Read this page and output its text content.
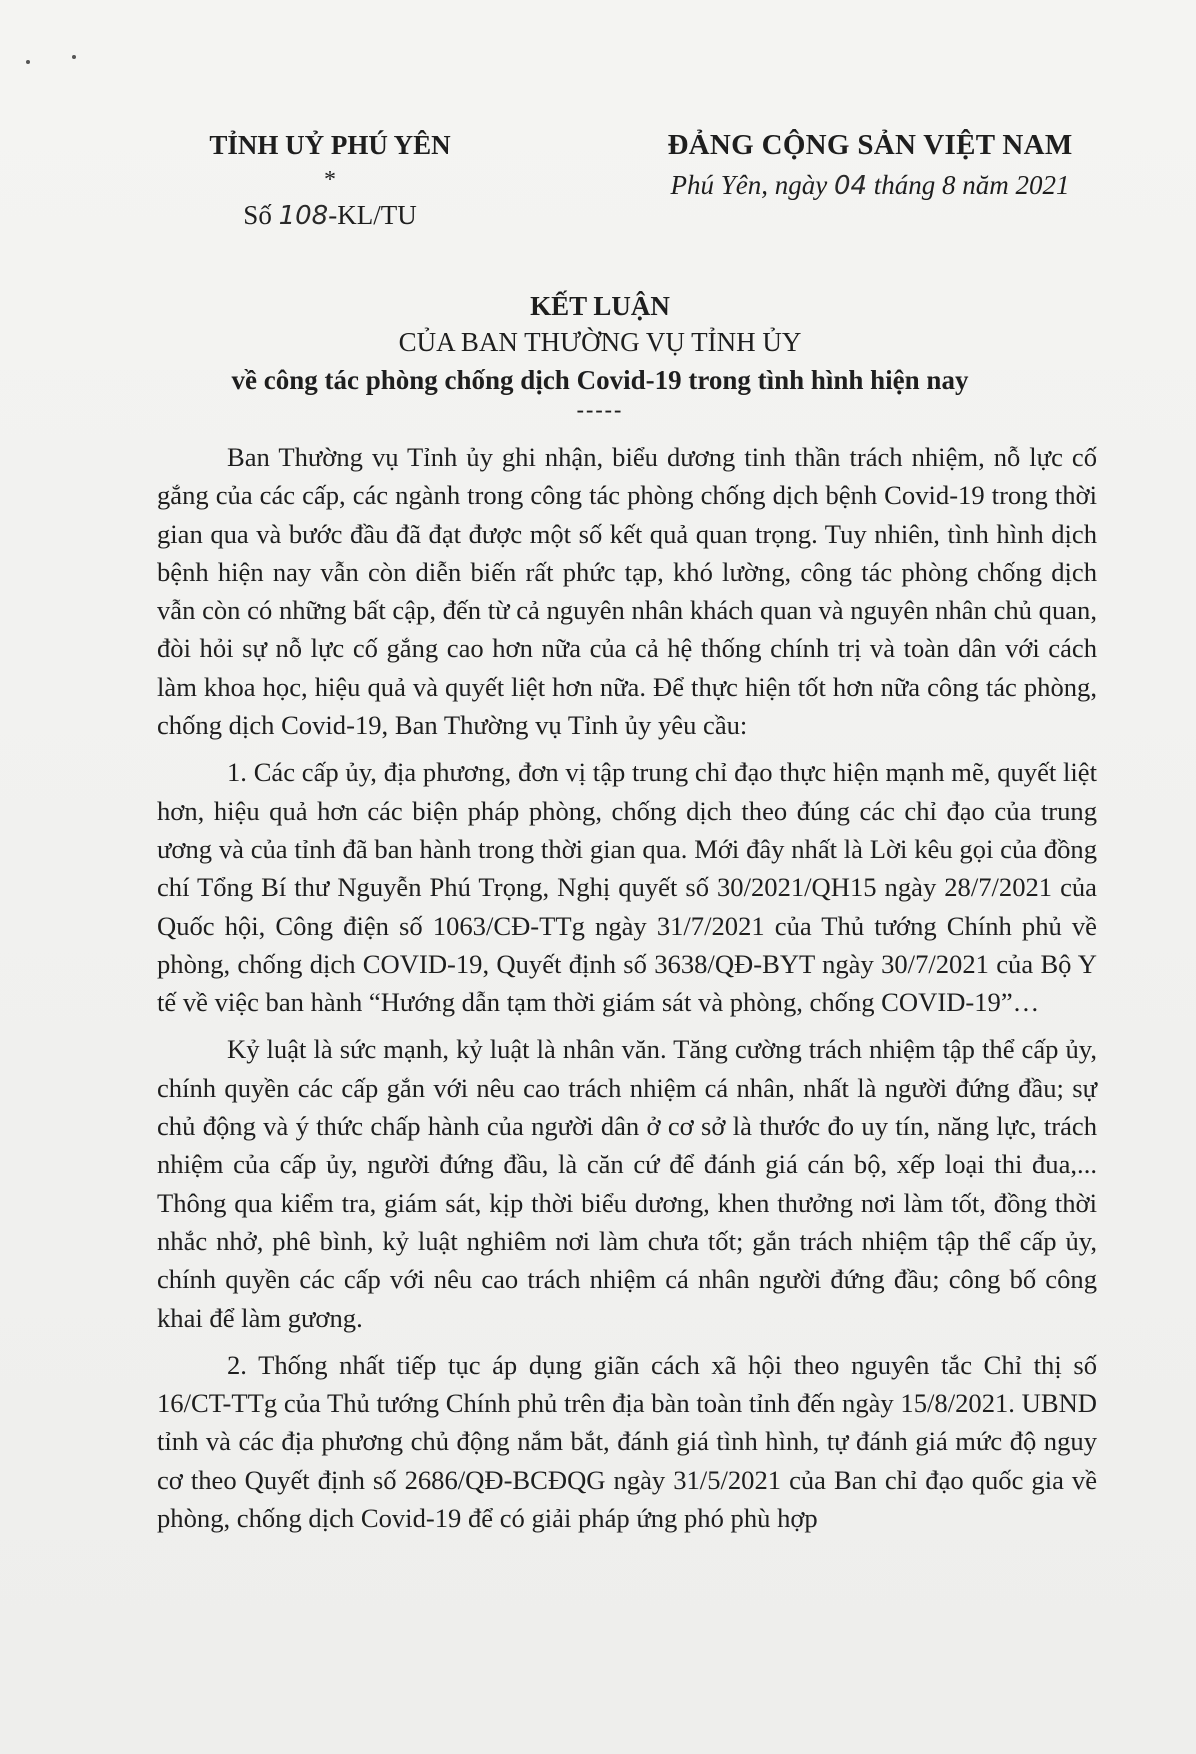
TỈNH UỶ PHÚ YÊN
*
Số 108-KL/TU
ĐẢNG CỘNG SẢN VIỆT NAM
Phú Yên, ngày 04 tháng 8 năm 2021
KẾT LUẬN
CỦA BAN THƯỜNG VỤ TỈNH ỦY
về công tác phòng chống dịch Covid-19 trong tình hình hiện nay
-----

Ban Thường vụ Tỉnh ủy ghi nhận, biểu dương tinh thần trách nhiệm, nỗ lực cố gắng của các cấp, các ngành trong công tác phòng chống dịch bệnh Covid-19 trong thời gian qua và bước đầu đã đạt được một số kết quả quan trọng. Tuy nhiên, tình hình dịch bệnh hiện nay vẫn còn diễn biến rất phức tạp, khó lường, công tác phòng chống dịch vẫn còn có những bất cập, đến từ cả nguyên nhân khách quan và nguyên nhân chủ quan, đòi hỏi sự nỗ lực cố gắng cao hơn nữa của cả hệ thống chính trị và toàn dân với cách làm khoa học, hiệu quả và quyết liệt hơn nữa. Để thực hiện tốt hơn nữa công tác phòng, chống dịch Covid-19, Ban Thường vụ Tỉnh ủy yêu cầu:

1. Các cấp ủy, địa phương, đơn vị tập trung chỉ đạo thực hiện mạnh mẽ, quyết liệt hơn, hiệu quả hơn các biện pháp phòng, chống dịch theo đúng các chỉ đạo của trung ương và của tỉnh đã ban hành trong thời gian qua. Mới đây nhất là Lời kêu gọi của đồng chí Tổng Bí thư Nguyễn Phú Trọng, Nghị quyết số 30/2021/QH15 ngày 28/7/2021 của Quốc hội, Công điện số 1063/CĐ-TTg ngày 31/7/2021 của Thủ tướng Chính phủ về phòng, chống dịch COVID-19, Quyết định số 3638/QĐ-BYT ngày 30/7/2021 của Bộ Y tế về việc ban hành “Hướng dẫn tạm thời giám sát và phòng, chống COVID-19”…

Kỷ luật là sức mạnh, kỷ luật là nhân văn. Tăng cường trách nhiệm tập thể cấp ủy, chính quyền các cấp gắn với nêu cao trách nhiệm cá nhân, nhất là người đứng đầu; sự chủ động và ý thức chấp hành của người dân ở cơ sở là thước đo uy tín, năng lực, trách nhiệm của cấp ủy, người đứng đầu, là căn cứ để đánh giá cán bộ, xếp loại thi đua,... Thông qua kiểm tra, giám sát, kịp thời biểu dương, khen thưởng nơi làm tốt, đồng thời nhắc nhở, phê bình, kỷ luật nghiêm nơi làm chưa tốt; gắn trách nhiệm tập thể cấp ủy, chính quyền các cấp với nêu cao trách nhiệm cá nhân người đứng đầu; công bố công khai để làm gương.

2. Thống nhất tiếp tục áp dụng giãn cách xã hội theo nguyên tắc Chỉ thị số 16/CT-TTg của Thủ tướng Chính phủ trên địa bàn toàn tỉnh đến ngày 15/8/2021. UBND tỉnh và các địa phương chủ động nắm bắt, đánh giá tình hình, tự đánh giá mức độ nguy cơ theo Quyết định số 2686/QĐ-BCĐQG ngày 31/5/2021 của Ban chỉ đạo quốc gia về phòng, chống dịch Covid-19 để có giải pháp ứng phó phù hợp
